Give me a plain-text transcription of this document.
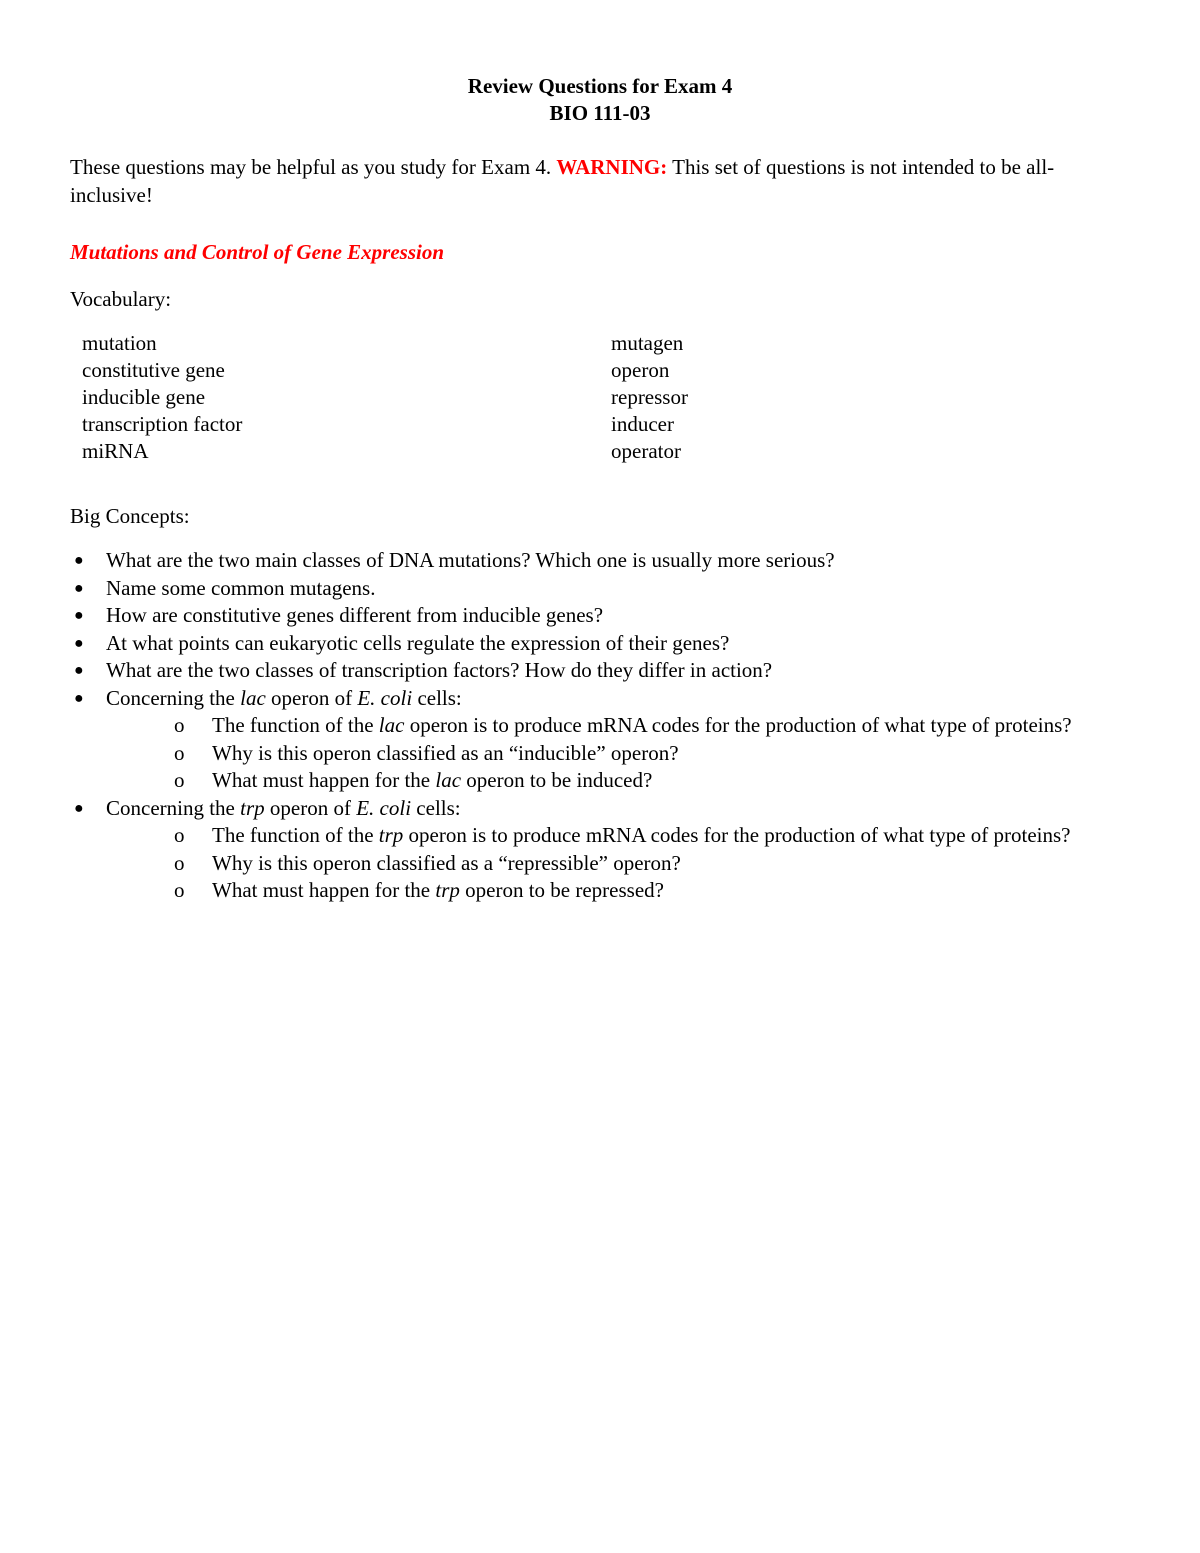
Review Questions for Exam 4
BIO 111-03
These questions may be helpful as you study for Exam 4. WARNING: This set of questions is not intended to be all-inclusive!
Mutations and Control of Gene Expression
Vocabulary:
mutation	mutagen
constitutive gene	operon
inducible gene	repressor
transcription factor	inducer
miRNA	operator
Big Concepts:
● What are the two main classes of DNA mutations? Which one is usually more serious?
● Name some common mutagens.
● How are constitutive genes different from inducible genes?
● At what points can eukaryotic cells regulate the expression of their genes?
● What are the two classes of transcription factors? How do they differ in action?
● Concerning the lac operon of E. coli cells:
o The function of the lac operon is to produce mRNA codes for the production of what type of proteins?
o Why is this operon classified as an “inducible” operon?
o What must happen for the lac operon to be induced?
● Concerning the trp operon of E. coli cells:
o The function of the trp operon is to produce mRNA codes for the production of what type of proteins?
o Why is this operon classified as a “repressible” operon?
o What must happen for the trp operon to be repressed?
